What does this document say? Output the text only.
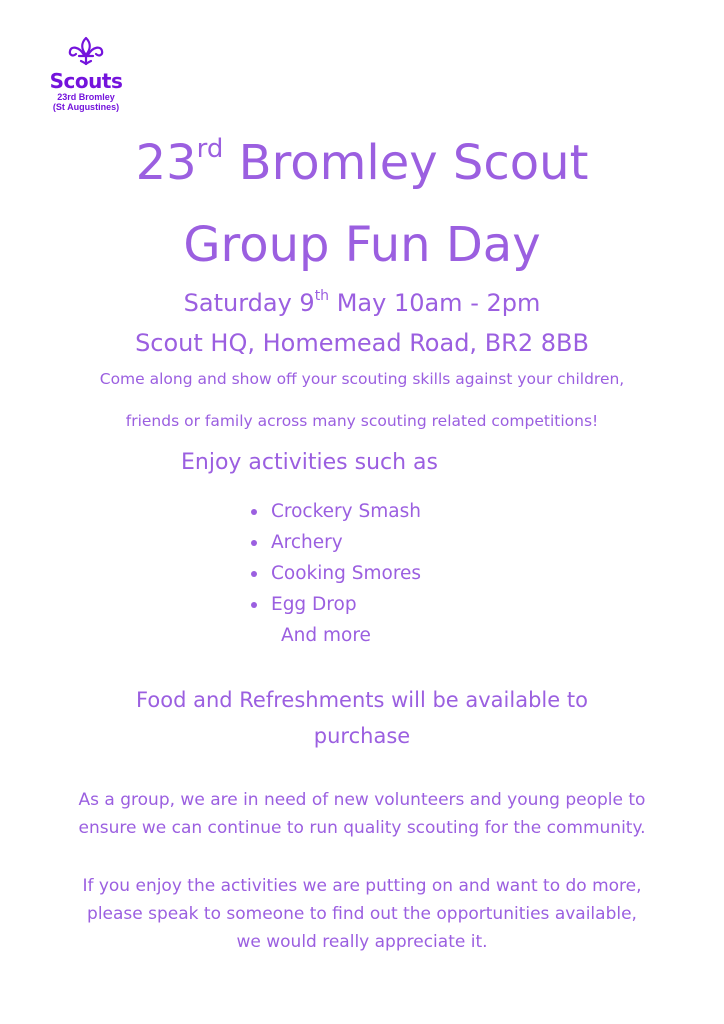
Scouts
23rd Bromley
(St Augustines)
23rd Bromley Scout
Group Fun Day
Saturday 9th May 10am - 2pm
Scout HQ, Homemead Road, BR2 8BB

Come along and show off your scouting skills against your children,

friends or family across many scouting related competitions!

Enjoy activities such as
Crockery Smash
Archery
Cooking Smores
Egg Drop
And more
Food and Refreshments will be available to
purchase
As a group, we are in need of new volunteers and young people to
ensure we can continue to run quality scouting for the community.
If you enjoy the activities we are putting on and want to do more,
please speak to someone to find out the opportunities available,
we would really appreciate it.
